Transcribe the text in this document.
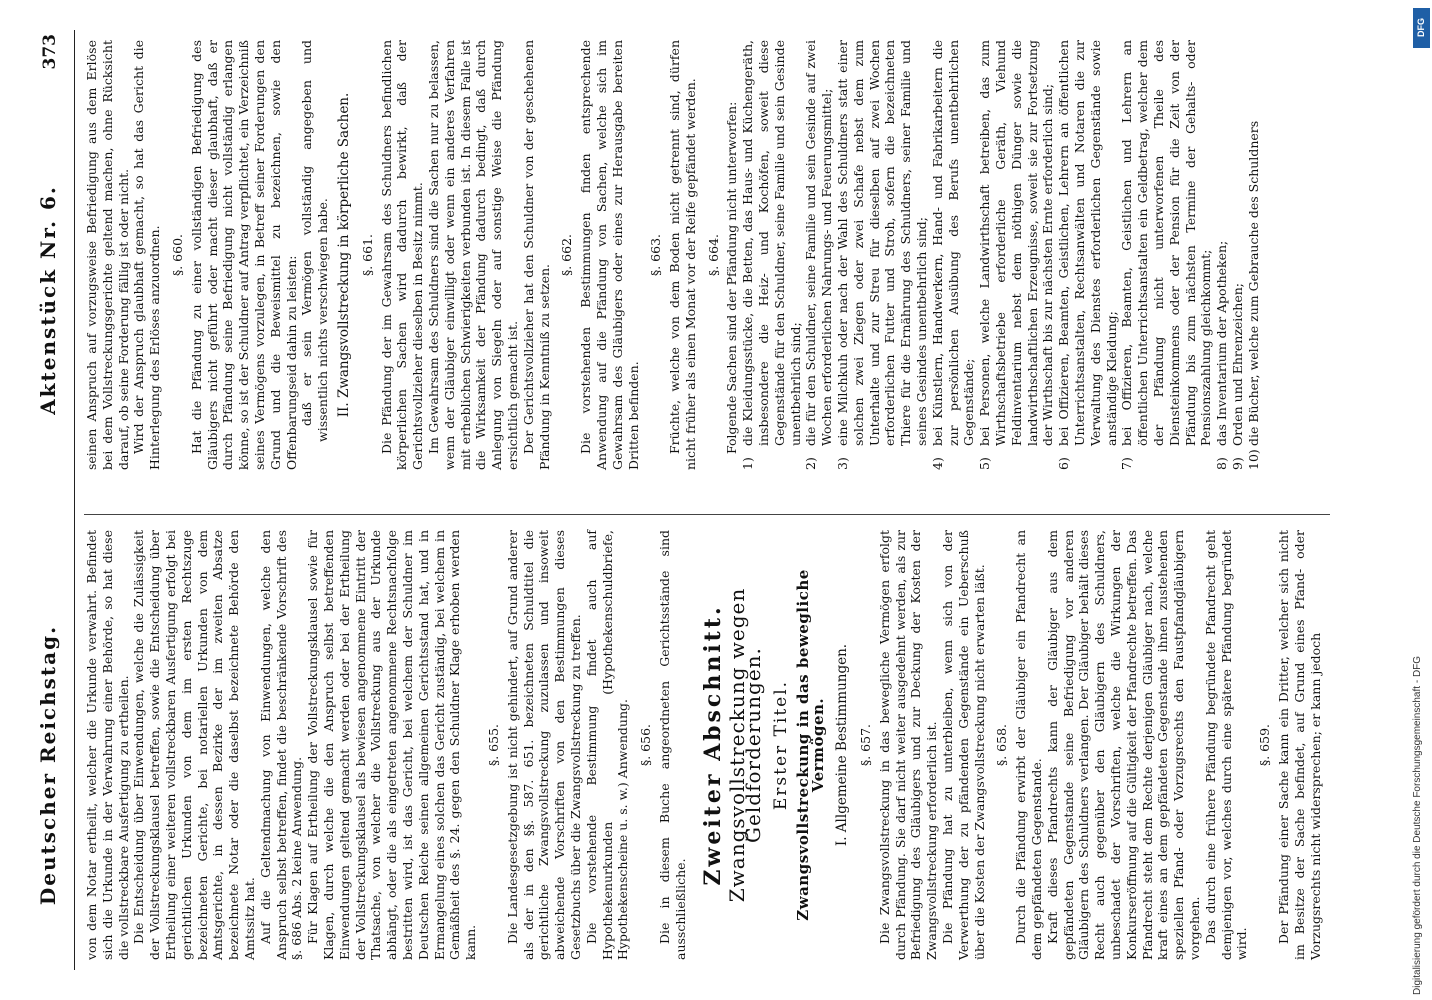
Deutscher Reichstag.
Aktenstück Nr. 6.
373

von dem Notar ertheilt, welcher die Urkunde verwahrt. Befindet sich die Urkunde in der Verwahrung einer Behörde, so hat diese die vollstreckbare Ausfertigung zu ertheilen. Die Entscheidung über Einwendungen, welche die Zulässigkeit der Vollstreckungsklausel betreffen, sowie die Entscheidung über Ertheilung einer weiteren vollstreckbaren Ausfertigung erfolgt bei gerichtlichen Urkunden von dem im ersten Rechtszuge bezeichneten Gerichte, bei notariellen Urkunden von dem Amtsgerichte, in dessen Bezirke der im zweiten Absatze bezeichnete Notar oder die daselbst bezeichnete Behörde den Amtssitz hat. Auf die Geltendmachung von Einwendungen, welche den Anspruch selbst betreffen, findet die beschränkende Vorschrift des §. 686 Abs. 2 keine Anwendung. Für Klagen auf Ertheilung der Vollstreckungsklausel sowie für Klagen, durch welche die den Anspruch selbst betreffenden Einwendungen geltend gemacht werden oder bei der Ertheilung der Vollstreckungsklausel als bewiesen angenommene Eintritt der Thatsache, von welcher die Vollstreckung aus der Urkunde abhängt, oder die als eingetreten angenommene Rechtsnachfolge bestritten wird, ist das Gericht, bei welchem der Schuldner im Deutschen Reiche seinen allgemeinen Gerichtsstand hat, und in Ermangelung eines solchen das Gericht zuständig, bei welchem in Gemäßheit des §. 24. gegen den Schuldner Klage erhoben werden kann.

§. 655. Die Landesgesetzgebung ist nicht gehindert, auf Grund anderer als der in den §§. 587. 651. bezeichneten Schuldtitel die gerichtliche Zwangsvollstreckung zuzulassen und insoweit abweichende Vorschriften von den Bestimmungen dieses Gesetzbuchs über die Zwangsvollstreckung zu treffen. Die vorstehende Bestimmung findet auch auf Hypothekenurkunden (Hypothekenschuldbriefe, Hypothekenscheine u. s. w.) Anwendung. §. 656. Die in diesem Buche angeordneten Gerichtsstände sind ausschließliche.

Zweiter Abschnitt.
Zwangsvollstreckung wegen Geldforderungen. Erster Titel. Zwangsvollstreckung in das bewegliche Vermögen. I. Allgemeine Bestimmungen. §. 657. Die Zwangsvollstreckung in das bewegliche Vermögen erfolgt durch Pfändung. Sie darf nicht weiter ausgedehnt werden, als zur Befriedigung des Gläubigers und zur Deckung der Kosten der Zwangsvollstreckung erforderlich ist. Die Pfändung hat zu unterbleiben, wenn sich von der Verwerthung der zu pfändenden Gegenstände ein Ueberschuß über die Kosten der Zwangsvollstreckung nicht erwarten läßt. §. 658. Durch die Pfändung erwirbt der Gläubiger ein Pfandrecht an dem gepfändeten Gegenstande. Kraft dieses Pfandrechts kann der Gläubiger aus dem gepfändeten Gegenstande seine Befriedigung vor anderen Gläubigern des Schuldners verlangen. Der Gläubiger behält dieses Recht auch gegenüber den Gläubigern des Schuldners, unbeschadet der Vorschriften, welche die Wirkungen der Konkurseröffnung auf die Gültigkeit der Pfandrechte betreffen. Das Pfandrecht steht dem Rechte derjenigen Gläubiger nach, welche kraft eines an dem gepfändeten Gegenstande ihnen zustehenden speziellen Pfand- oder Vorzugsrechts den Faustpfandgläubigern vorgehen. Das durch eine frühere Pfändung begründete Pfandrecht geht demjenigen vor, welches durch eine spätere Pfändung begründet wird.

§. 659. Der Pfändung einer Sache kann ein Dritter, welcher sich nicht im Besitze der Sache befindet, auf Grund eines Pfand- oder Vorzugsrechts nicht widersprechen; er kann jedoch

seinen Anspruch auf vorzugsweise Befriedigung aus dem Erlöse bei dem Vollstreckungsgerichte geltend machen, ohne Rücksicht darauf, ob seine Forderung fällig ist oder nicht. Wird der Anspruch glaubhaft gemacht, so hat das Gericht die Hinterlegung des Erlöses anzuordnen. §. 660. Hat die Pfändung zu einer vollständigen Befriedigung des Gläubigers nicht geführt oder macht dieser glaubhaft, daß er durch Pfändung seine Befriedigung nicht vollständig erlangen könne, so ist der Schuldner auf Antrag verpflichtet, ein Verzeichniß seines Vermögens vorzulegen, in Betreff seiner Forderungen den Grund und die Beweismittel zu bezeichnen, sowie den Offenbarungseid dahin zu leisten: daß er sein Vermögen vollständig angegeben und wissentlich nichts verschwiegen habe. II. Zwangsvollstreckung in körperliche Sachen. §. 661. Die Pfändung der im Gewahrsam des Schuldners befindlichen körperlichen Sachen wird dadurch bewirkt, daß der Gerichtsvollzieher dieselben in Besitz nimmt. Im Gewahrsam des Schuldners sind die Sachen nur zu belassen, wenn der Gläubiger einwilligt oder wenn ein anderes Verfahren mit erheblichen Schwierigkeiten verbunden ist. In diesem Falle ist die Wirksamkeit der Pfändung dadurch bedingt, daß durch Anlegung von Siegeln oder auf sonstige Weise die Pfändung ersichtlich gemacht ist. Der Gerichtsvollzieher hat den Schuldner von der geschehenen Pfändung in Kenntniß zu setzen.

§. 662. Die vorstehenden Bestimmungen finden entsprechende Anwendung auf die Pfändung von Sachen, welche sich im Gewahrsam des Gläubigers oder eines zur Herausgabe bereiten Dritten befinden.

§. 663. Früchte, welche von dem Boden nicht getrennt sind, dürfen nicht früher als einen Monat vor der Reife gepfändet werden. §. 664. Folgende Sachen sind der Pfändung nicht unterworfen:

1)
die Kleidungsstücke, die Betten, das Haus- und Küchengeräth, insbesondere die Heiz- und Kochöfen, soweit diese Gegenstände für den Schuldner, seine Familie und sein Gesinde unentbehrlich sind;
2)
die für den Schuldner, seine Familie und sein Gesinde auf zwei Wochen erforderlichen Nahrungs- und Feuerungsmittel;
3)
eine Milchkuh oder nach der Wahl des Schuldners statt einer solchen zwei Ziegen oder zwei Schafe nebst dem zum Unterhalte und zur Streu für dieselben auf zwei Wochen erforderlichen Futter und Stroh, sofern die bezeichneten Thiere für die Ernährung des Schuldners, seiner Familie und seines Gesindes unentbehrlich sind;
4)
bei Künstlern, Handwerkern, Hand- und Fabrikarbeitern die zur persönlichen Ausübung des Berufs unentbehrlichen Gegenstände;
5)
bei Personen, welche Landwirthschaft betreiben, das zum Wirthschaftsbetriebe erforderliche Geräth, Viehund Feldinventarium nebst dem nöthigen Dünger sowie die landwirthschaftlichen Erzeugnisse, soweit sie zur Fortsetzung der Wirthschaft bis zur nächsten Ernte erforderlich sind;
6)
bei Offizieren, Beamten, Geistlichen, Lehrern an öffentlichen Unterrichtsanstalten, Rechtsanwälten und Notaren die zur Verwaltung des Dienstes erforderlichen Gegenstände sowie anständige Kleidung;
7)
bei Offizieren, Beamten, Geistlichen und Lehrern an öffentlichen Unterrichtsanstalten ein Geldbetrag, welcher dem der Pfändung nicht unterworfenen Theile des Diensteinkommens oder der Pension für die Zeit von der Pfändung bis zum nächsten Termine der Gehalts- oder Pensionszahlung gleichkommt;
8)
das Inventarium der Apotheken;
9)
Orden und Ehrenzeichen;
10)
die Bücher, welche zum Gebrauche des Schuldners
Digitalisierung gefördert durch die Deutsche Forschungsgemeinschaft - DFG
DFG
